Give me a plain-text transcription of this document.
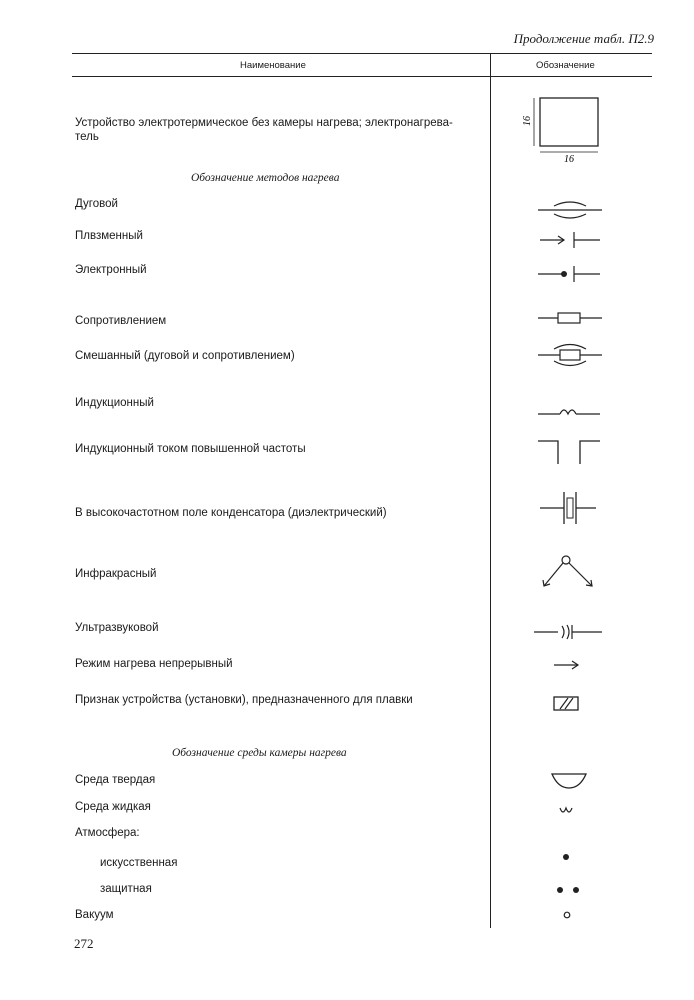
Продолжение табл. П2.9
Наименование	Обозначение
Устройство электротермическое без камеры нагрева; электронагрева-
тель
Обозначение методов нагрева
Дуговой
Плвзменный
Электронный
Сопротивлением
Смешанный (дуговой и сопротивлением)
Индукционный
Индукционный током повышенной частоты
В высокочастотном поле конденсатора (диэлектрический)
Инфракрасный
Ультразвуковой
Режим нагрева непрерывный
Признак устройства (установки), предназначенного для плавки
Обозначение среды камеры нагрева
Среда твердая
Среда жидкая
Атмосфера:
искусственная
защитная
Вакуум
272
16
16
